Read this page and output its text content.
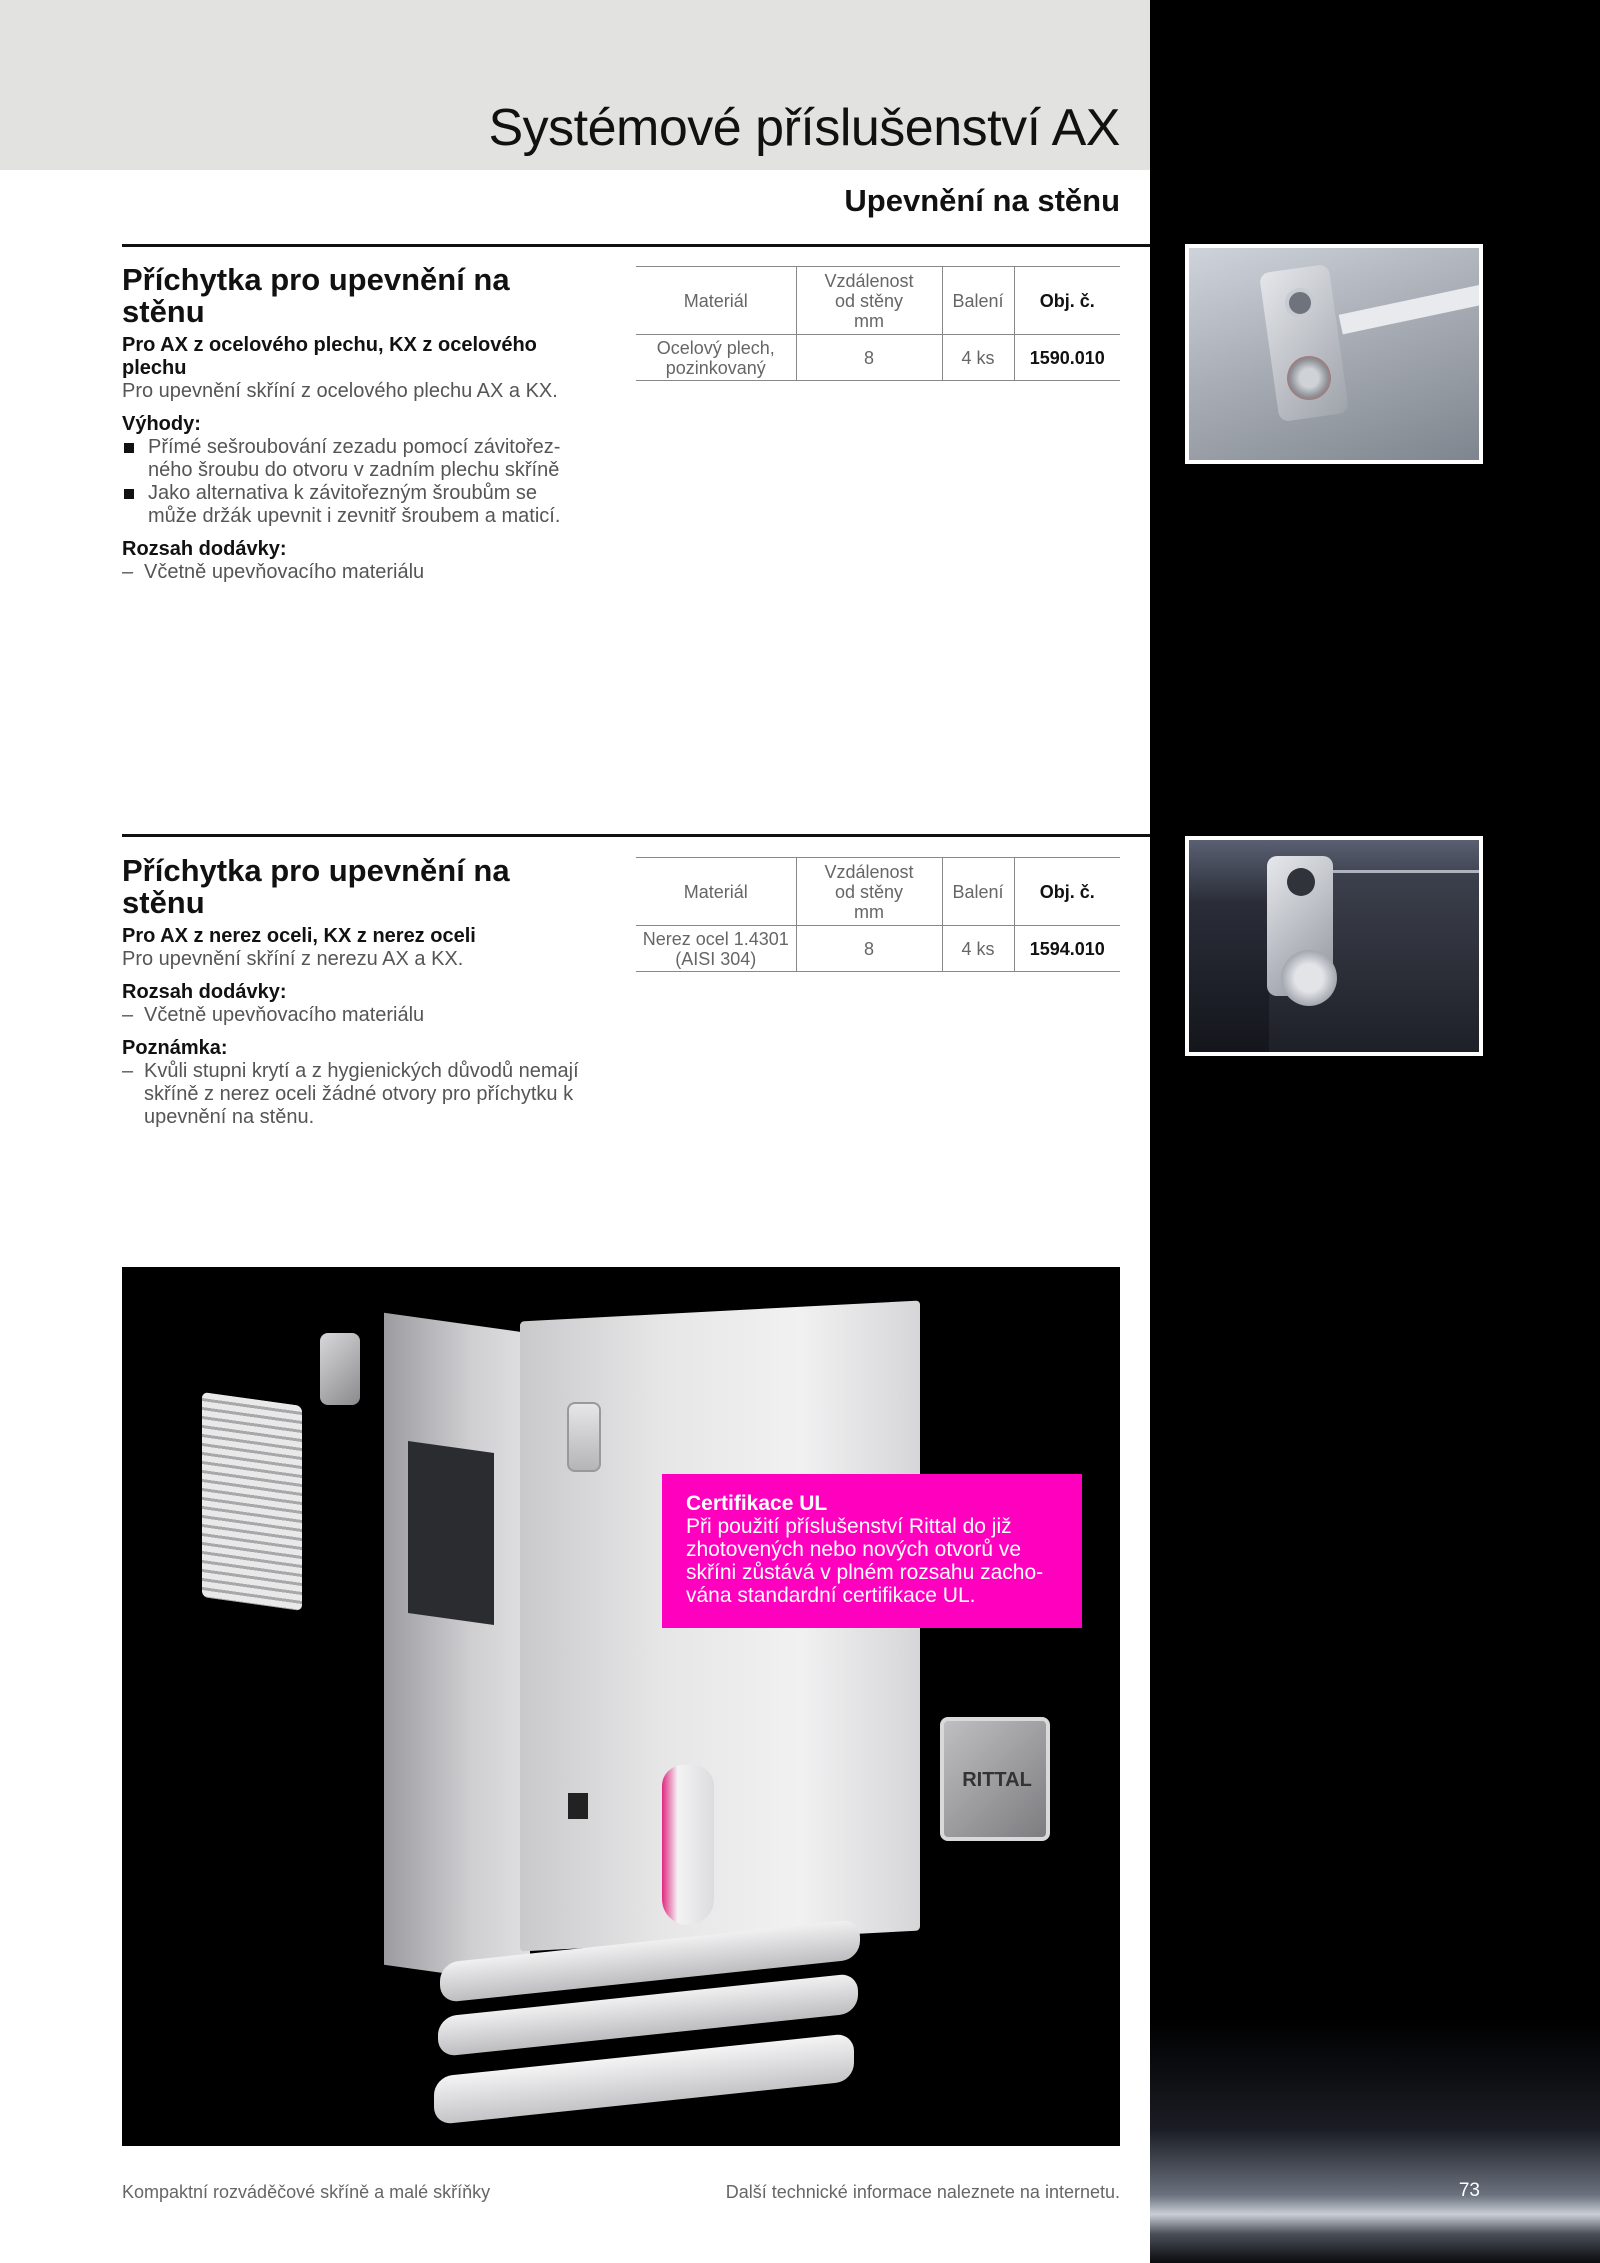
73
Systémové příslušenství AX
Upevnění na stěnu
Příchytka pro upevnění na
stěnu
Pro AX z ocelového plechu, KX z ocelového
plechu
Pro upevnění skříní z ocelového plechu AX a KX.
Výhody:
Přímé sešroubování zezadu pomocí závitořez-
ného šroubu do otvoru v zadním plechu skříně
Jako alternativa k závitořezným šroubům se
může držák upevnit i zevnitř šroubem a maticí.
Rozsah dodávky:
– Včetně upevňovacího materiálu
Materiál	Vzdálenost
od stěny
mm	Balení	Obj. č.

Ocelový plech,
pozinkovaný	8	4 ks	1590.010
Příchytka pro upevnění na
stěnu
Pro AX z nerez oceli, KX z nerez oceli
Pro upevnění skříní z nerezu AX a KX.
Rozsah dodávky:
– Včetně upevňovacího materiálu
Poznámka:
– Kvůli stupni krytí a z hygienických důvodů nemají
skříně z nerez oceli žádné otvory pro příchytku k
upevnění na stěnu.
Materiál	Vzdálenost
od stěny
mm	Balení	Obj. č.

Nerez ocel 1.4301
(AISI 304)	8	4 ks	1594.010
RITTAL
Certifikace UL
Při použití příslušenství Rittal do již
zhotovených nebo nových otvorů ve
skříni zůstává v plném rozsahu zacho-
vána standardní certifikace UL.
Kompaktní rozváděčové skříně a malé skříňky	Další technické informace naleznete na internetu.
